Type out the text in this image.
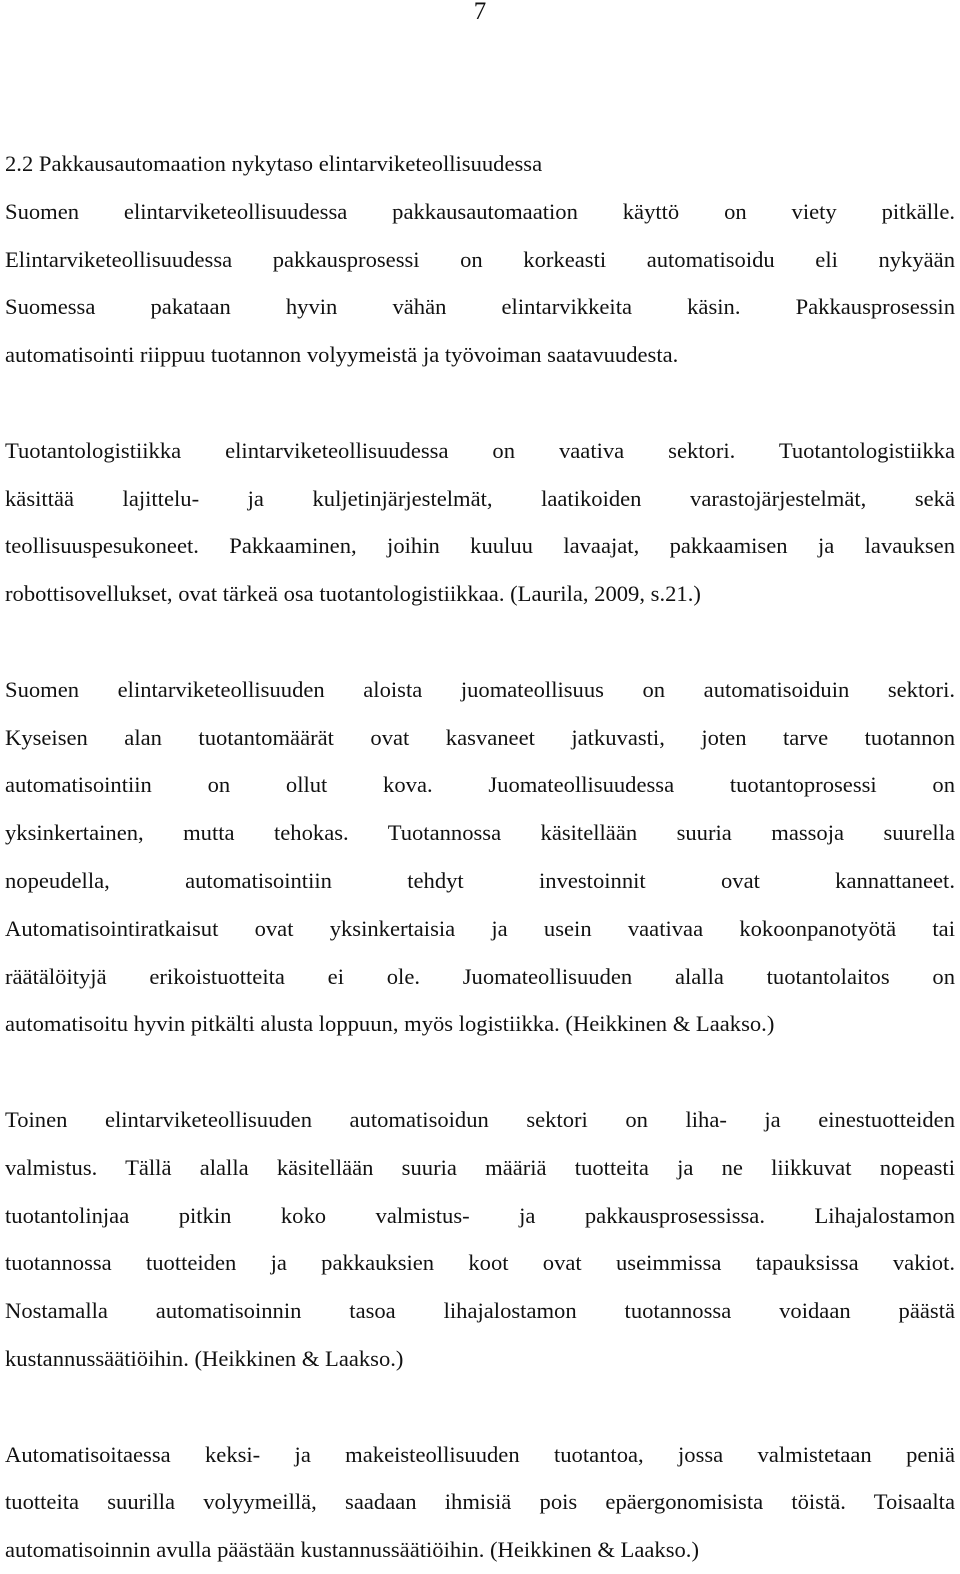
7
2.2 Pakkausautomaation nykytaso elintarviketeollisuudessa
Suomen elintarviketeollisuudessa pakkausautomaation käyttö on viety pitkälle.
Elintarviketeollisuudessa pakkausprosessi on korkeasti automatisoidu eli nykyään
Suomessa pakataan hyvin vähän elintarvikkeita käsin. Pakkausprosessin
automatisointi riippuu tuotannon volyymeistä ja työvoiman saatavuudesta.
Tuotantologistiikka elintarviketeollisuudessa on vaativa sektori. Tuotantologistiikka
käsittää lajittelu- ja kuljetinjärjestelmät, laatikoiden varastojärjestelmät, sekä
teollisuuspesukoneet. Pakkaaminen, joihin kuuluu lavaajat, pakkaamisen ja lavauksen
robottisovellukset, ovat tärkeä osa tuotantologistiikkaa. (Laurila, 2009, s.21.)
Suomen elintarviketeollisuuden aloista juomateollisuus on automatisoiduin sektori.
Kyseisen alan tuotantomäärät ovat kasvaneet jatkuvasti, joten tarve tuotannon
automatisointiin on ollut kova. Juomateollisuudessa tuotantoprosessi on
yksinkertainen, mutta tehokas. Tuotannossa käsitellään suuria massoja suurella
nopeudella, automatisointiin tehdyt investoinnit ovat kannattaneet.
Automatisointiratkaisut ovat yksinkertaisia ja usein vaativaa kokoonpanotyötä tai
räätälöityjä erikoistuotteita ei ole. Juomateollisuuden alalla tuotantolaitos on
automatisoitu hyvin pitkälti alusta loppuun, myös logistiikka. (Heikkinen & Laakso.)
Toinen elintarviketeollisuuden automatisoidun sektori on liha- ja einestuotteiden
valmistus. Tällä alalla käsitellään suuria määriä tuotteita ja ne liikkuvat nopeasti
tuotantolinjaa pitkin koko valmistus- ja pakkausprosessissa. Lihajalostamon
tuotannossa tuotteiden ja pakkauksien koot ovat useimmissa tapauksissa vakiot.
Nostamalla automatisoinnin tasoa lihajalostamon tuotannossa voidaan päästä
kustannussäätiöihin. (Heikkinen & Laakso.)
Automatisoitaessa keksi- ja makeisteollisuuden tuotantoa, jossa valmistetaan peniä
tuotteita suurilla volyymeillä, saadaan ihmisiä pois epäergonomisista töistä. Toisaalta
automatisoinnin avulla päästään kustannussäätiöihin. (Heikkinen & Laakso.)
